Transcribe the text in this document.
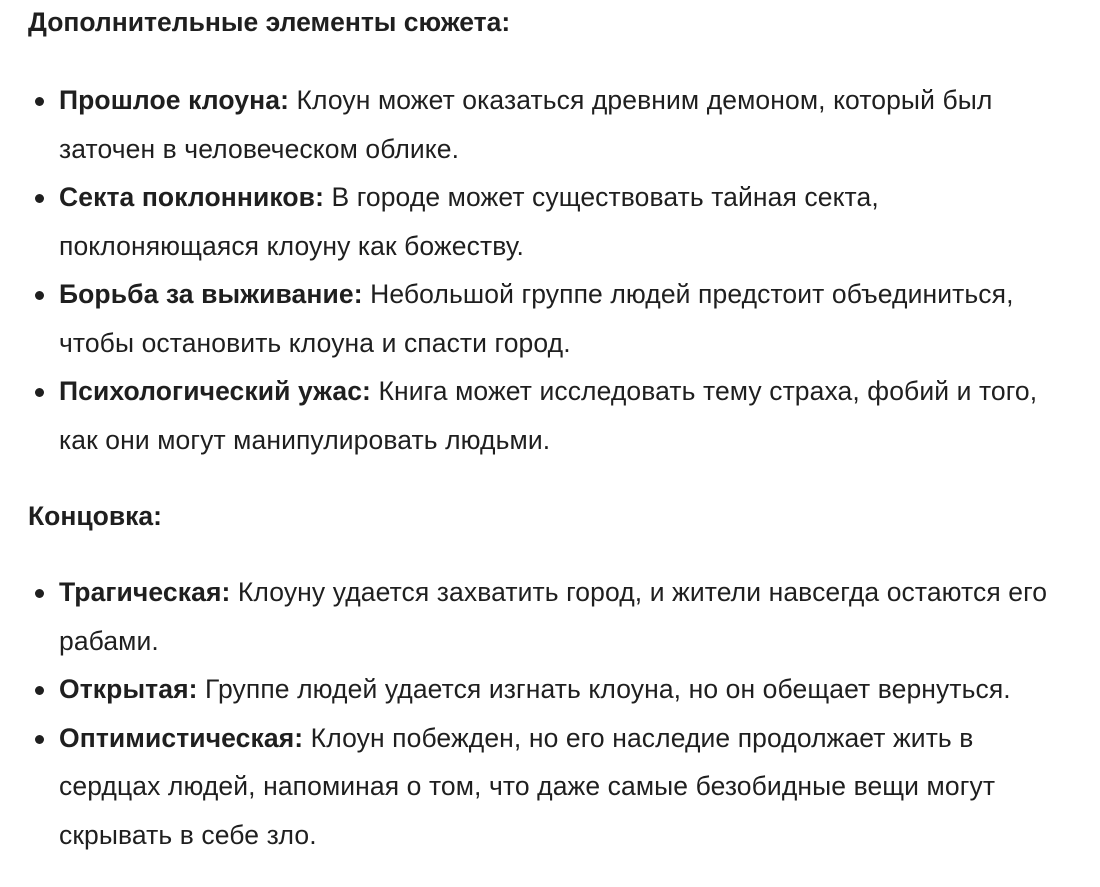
Дополнительные элементы сюжета:
Прошлое клоуна: Клоун может оказаться древним демоном, который был заточен в человеческом облике.
Секта поклонников: В городе может существовать тайная секта, поклоняющаяся клоуну как божеству.
Борьба за выживание: Небольшой группе людей предстоит объединиться, чтобы остановить клоуна и спасти город.
Психологический ужас: Книга может исследовать тему страха, фобий и того, как они могут манипулировать людьми.
Концовка:
Трагическая: Клоуну удается захватить город, и жители навсегда остаются его рабами.
Открытая: Группе людей удается изгнать клоуна, но он обещает вернуться.
Оптимистическая: Клоун побежден, но его наследие продолжает жить в сердцах людей, напоминая о том, что даже самые безобидные вещи могут скрывать в себе зло.
